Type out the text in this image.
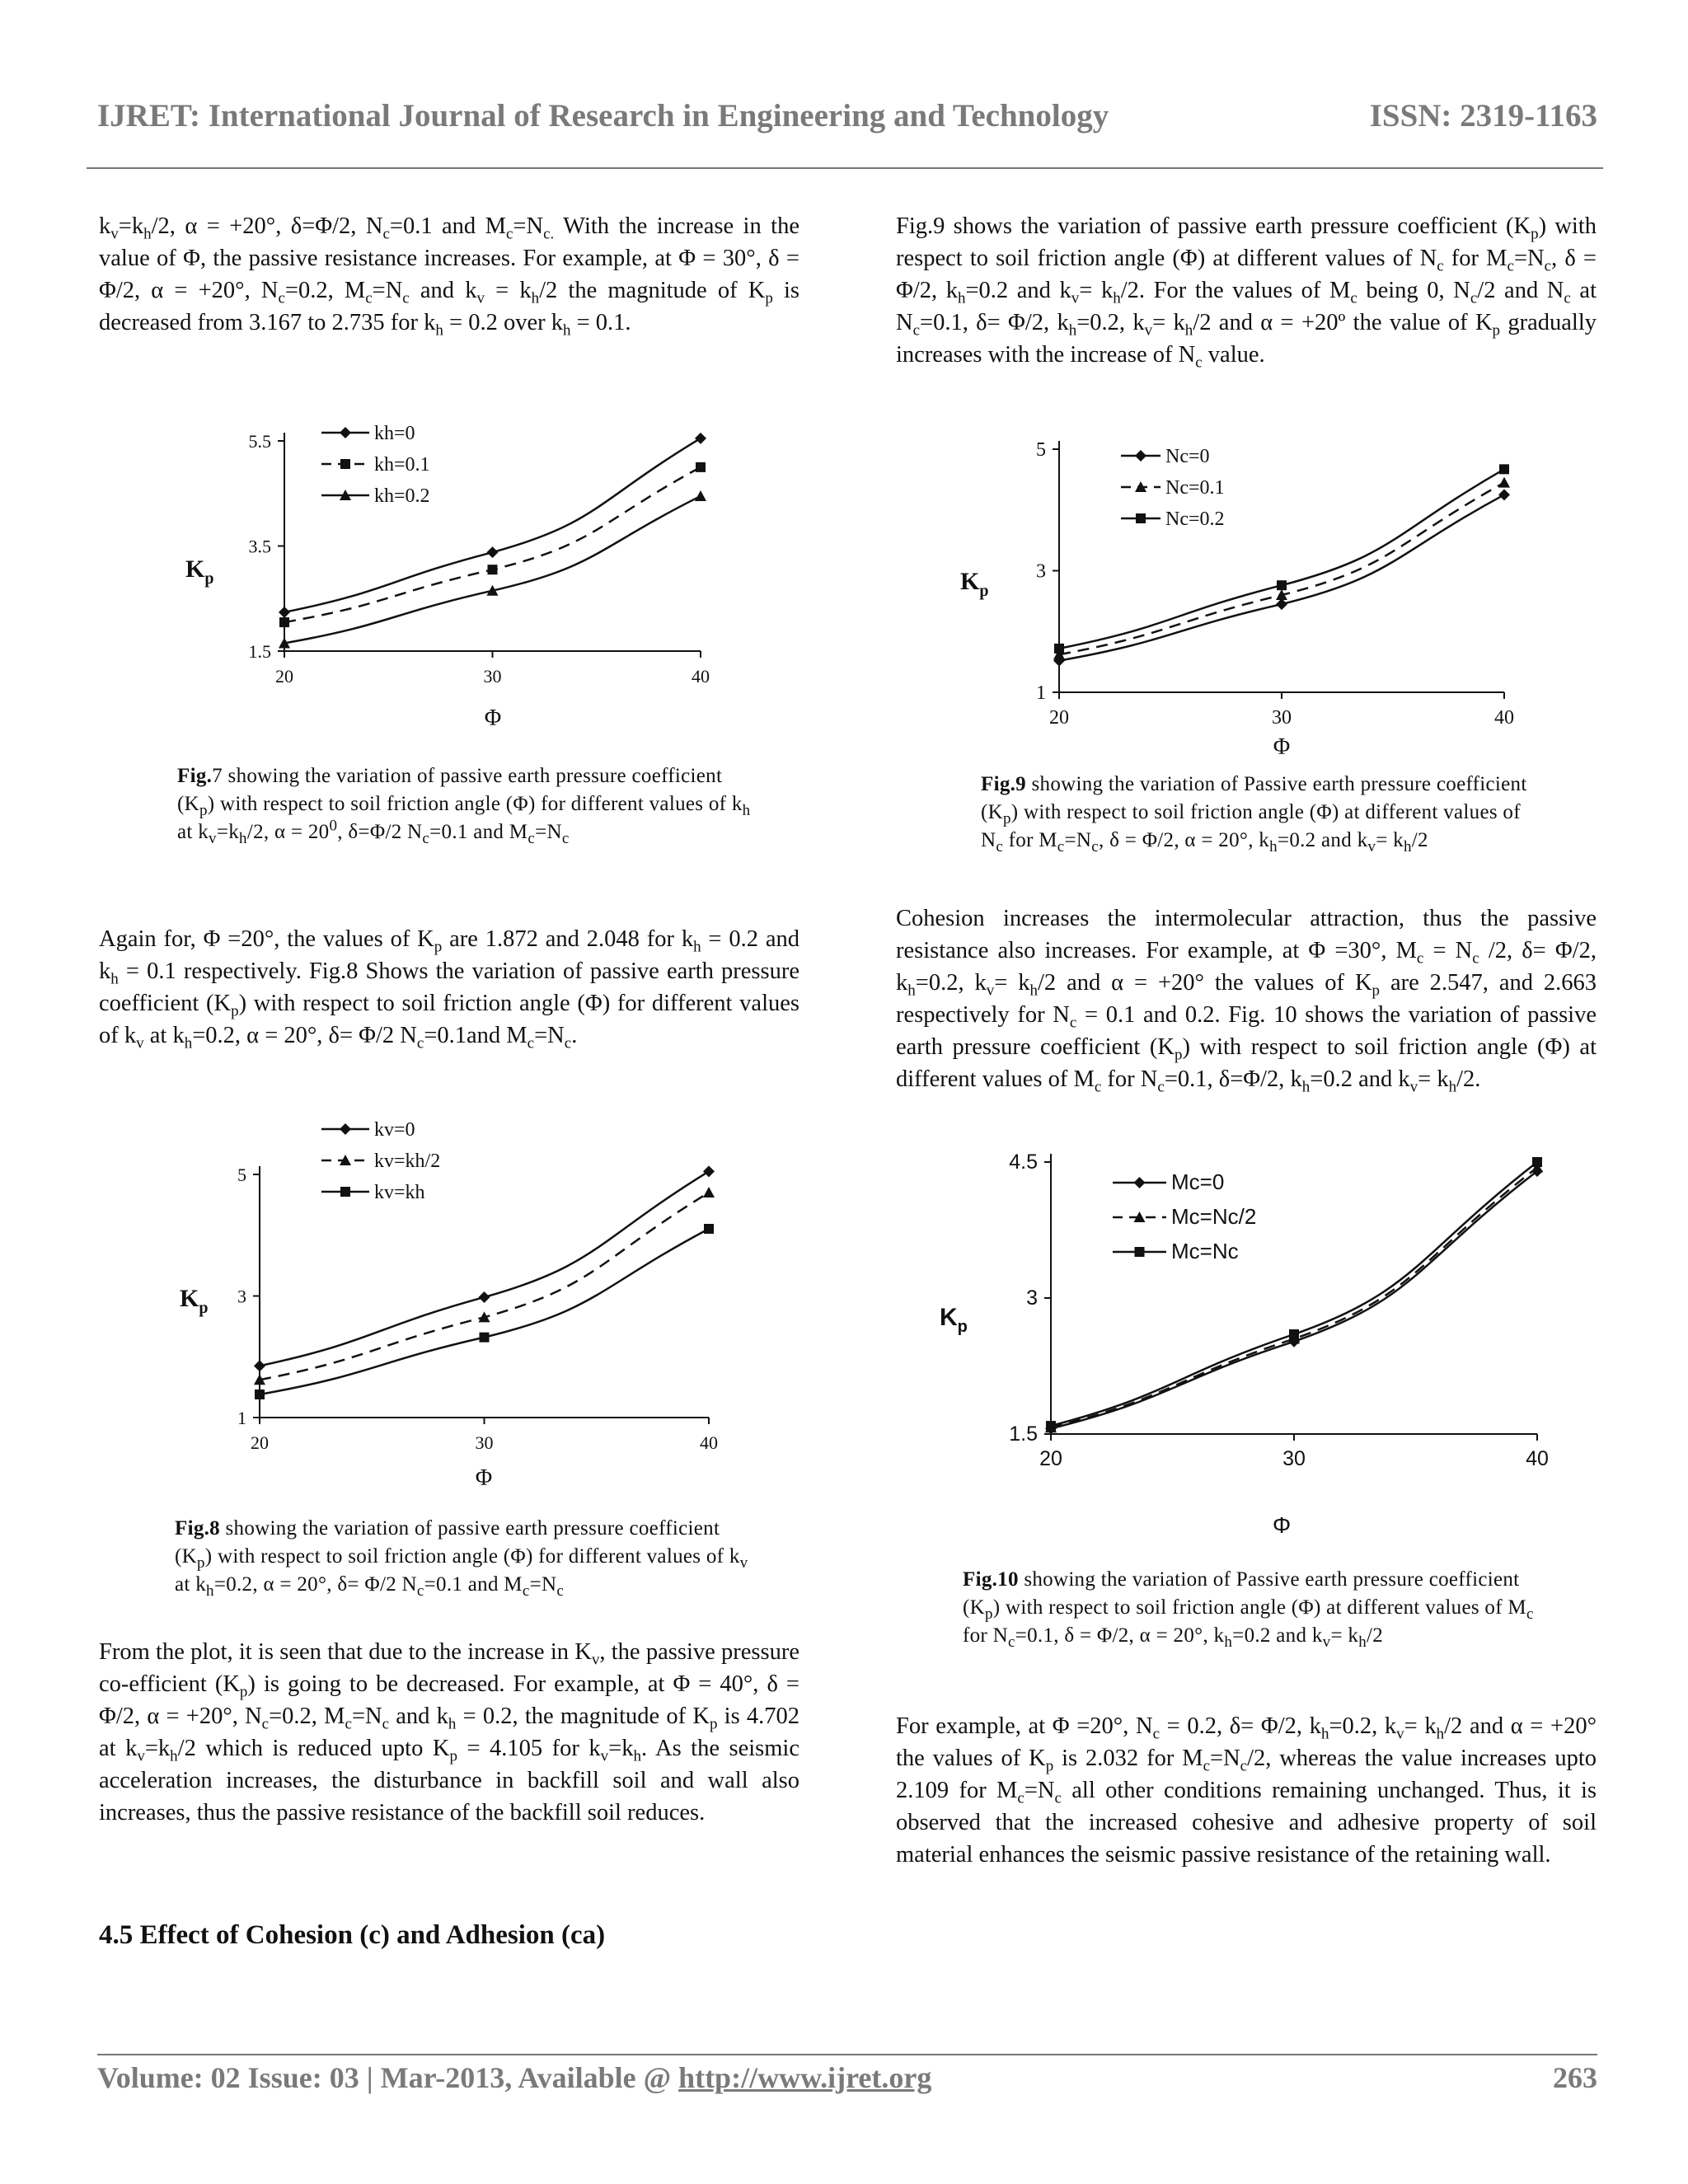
IJRET: International Journal of Research in Engineering and Technology	ISSN: 2319-1163

$k_v=k_h/2$, α = +20°, δ=Φ/2, $N_c=0.1$ and $M_c=N_{c.}$ With the increase in the value of Φ, the passive resistance increases. For example, at Φ = 30°, δ = Φ/2, α = +20°, $N_c=0.2$, $M_c=N_c$ and $k_v = k_h/2$ the magnitude of $K_p$ is decreased from 3.167 to 2.735 for $k_h = 0.2$ over $k_h = 0.1$.

1.5
3.5
5.5
20	30	40
$K_p$
Φ
kh=0
kh=0.1
kh=0.2
Fig.7 showing the variation of passive earth pressure coefficient $(K_p)$ with respect to soil friction angle (Φ) for different values of $k_h$ at $k_v=k_h/2$, $\alpha = 20^0$, δ=Φ/2 $N_c=0.1$ and $M_c=N_c$

Again for, Φ =20°, the values of $K_p$ are 1.872 and 2.048 for $k_h = 0.2$ and $k_h = 0.1$ respectively. Fig.8 Shows the variation of passive earth pressure coefficient $(K_p)$ with respect to soil friction angle (Φ) for different values of $k_v$ at $k_h=0.2$, α = 20°, δ= Φ/2 $N_c=0.1and$ $M_c=N_c$.

1
3
5
20	30	40
$K_p$
Φ
kv=0
kv=kh/2
kv=kh
Fig.8 showing the variation of passive earth pressure coefficient $(K_p)$ with respect to soil friction angle (Φ) for different values of $k_v$ at $k_h=0.2$, α = 20°, δ= Φ/2 $N_c=0.1$ and $M_c=N_c$

From the plot, it is seen that due to the increase in $K_v$, the passive pressure co-efficient $(K_p)$ is going to be decreased. For example, at Φ = 40°, δ = Φ/2, α = +20°, $N_c=0.2$, $M_c=N_c$ and $k_h = 0.2$, the magnitude of $K_p$ is 4.702 at $k_v=k_h/2$ which is reduced upto $K_p = 4.105$ for $k_v=k_h$. As the seismic acceleration increases, the disturbance in backfill soil and wall also increases, thus the passive resistance of the backfill soil reduces.

4.5 Effect of Cohesion (c) and Adhesion (ca)

Fig.9 shows the variation of passive earth pressure coefficient $(K_p)$ with respect to soil friction angle (Φ) at different values of $N_c$ for $M_c=N_c$, δ = Φ/2, $k_h=0.2$ and $k_v= k_h/2$. For the values of $M_c$ being 0, $N_c/2$ and $N_c$ at $N_c=0.1$, δ= Φ/2, $k_h=0.2$, $k_v= k_h/2$ and α = +20º the value of $K_p$ gradually increases with the increase of $N_c$ value.

1
3
5
20	30	40
$K_p$
Φ
Nc=0
Nc=0.1
Nc=0.2
Fig.9 showing the variation of Passive earth pressure coefficient $(K_p)$ with respect to soil friction angle (Φ) at different values of $N_c$ for $M_c=N_c$, δ = Φ/2, α = 20°, $k_h=0.2$ and $k_v= k_h/2$

Cohesion increases the intermolecular attraction, thus the passive resistance also increases. For example, at Φ =30°, $M_c = N_c$ /2, δ= Φ/2, $k_h=0.2$, $k_v= k_h/2$ and α = +20° the values of $K_p$ are 2.547, and 2.663 respectively for $N_c = 0.1$ and 0.2. Fig. 10 shows the variation of passive earth pressure coefficient $(K_p)$ with respect to soil friction angle (Φ) at different values of $M_c$ for $N_c=0.1$, δ=Φ/2, $k_h=0.2$ and $k_v= k_h/2$.

1.5
3
4.5
20	30	40
$K_p$
Φ
Mc=0
Mc=Nc/2
Mc=Nc
Fig.10 showing the variation of Passive earth pressure coefficient $(K_p)$ with respect to soil friction angle (Φ) at different values of $M_c$ for $N_c=0.1$, δ = Φ/2, α = 20°, $k_h=0.2$ and $k_v= k_h/2$

For example, at Φ =20°, $N_c = 0.2$, δ= Φ/2, $k_h=0.2$, $k_v= k_h/2$ and α = +20° the values of $K_p$ is 2.032 for $M_c=N_c/2$, whereas the value increases upto 2.109 for $M_c=N_c$ all other conditions remaining unchanged. Thus, it is observed that the increased cohesive and adhesive property of soil material enhances the seismic passive resistance of the retaining wall.

Volume: 02 Issue: 03 | Mar-2013, Available @ http://www.ijret.org	263
